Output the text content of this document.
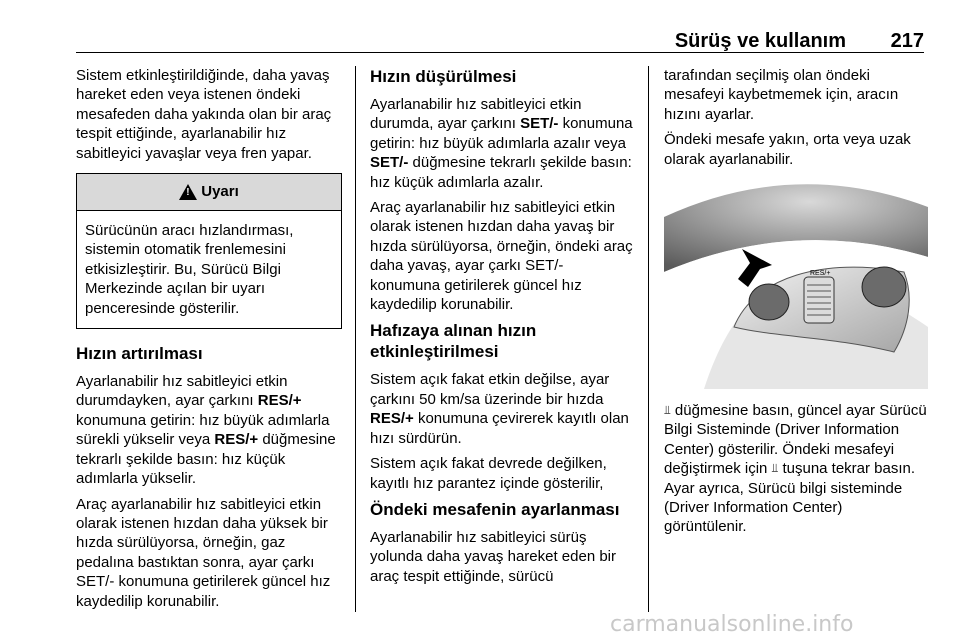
Sürüş ve kullanım 217

Sistem etkinleştirildiğinde, daha yavaş hareket eden veya istenen öndeki mesafeden daha yakında olan bir araç tespit ettiğinde, ayarlanabilir hız sabitleyici yavaşlar veya fren yapar.

! Uyarı
Sürücünün aracı hızlandırması, sistemin otomatik frenlemesini etkisizleştirir. Bu, Sürücü Bilgi Merkezinde açılan bir uyarı penceresinde gösterilir.
Hızın artırılması

Ayarlanabilir hız sabitleyici etkin durumdayken, ayar çarkını RES/+ konumuna getirin: hız büyük adımlarla sürekli yükselir veya RES/+ düğmesine tekrarlı şekilde basın: hız küçük adımlarla yükselir.

Araç ayarlanabilir hız sabitleyici etkin olarak istenen hızdan daha yüksek bir hızda sürülüyorsa, örneğin, gaz pedalına bastıktan sonra, ayar çarkı SET/- konumuna getirilerek güncel hız kaydedilip korunabilir.

Hızın düşürülmesi

Ayarlanabilir hız sabitleyici etkin durumda, ayar çarkını SET/- konumuna getirin: hız büyük adımlarla azalır veya SET/- düğmesine tekrarlı şekilde basın: hız küçük adımlarla azalır.

Araç ayarlanabilir hız sabitleyici etkin olarak istenen hızdan daha yavaş bir hızda sürülüyorsa, örneğin, öndeki araç daha yavaş, ayar çarkı SET/- konumuna getirilerek güncel hız kaydedilip korunabilir.

Hafızaya alınan hızın etkinleştirilmesi

Sistem açık fakat etkin değilse, ayar çarkını 50 km/sa üzerinde bir hızda RES/+ konumuna çevirerek kayıtlı olan hızı sürdürün.

Sistem açık fakat devrede değilken, kayıtlı hız parantez içinde gösterilir,

Öndeki mesafenin ayarlanması

Ayarlanabilir hız sabitleyici sürüş yolunda daha yavaş hareket eden bir araç tespit ettiğinde, sürücü

tarafından seçilmiş olan öndeki mesafeyi kaybetmemek için, aracın hızını ayarlar.

Öndeki mesafe yakın, orta veya uzak olarak ayarlanabilir.

RES/+

⫫ düğmesine basın, güncel ayar Sürücü Bilgi Sisteminde (Driver Information Center) gösterilir. Öndeki mesafeyi değiştirmek için ⫫ tuşuna tekrar basın. Ayar ayrıca, Sürücü bilgi sisteminde (Driver Information Center) görüntülenir.

carmanualsonline.info
